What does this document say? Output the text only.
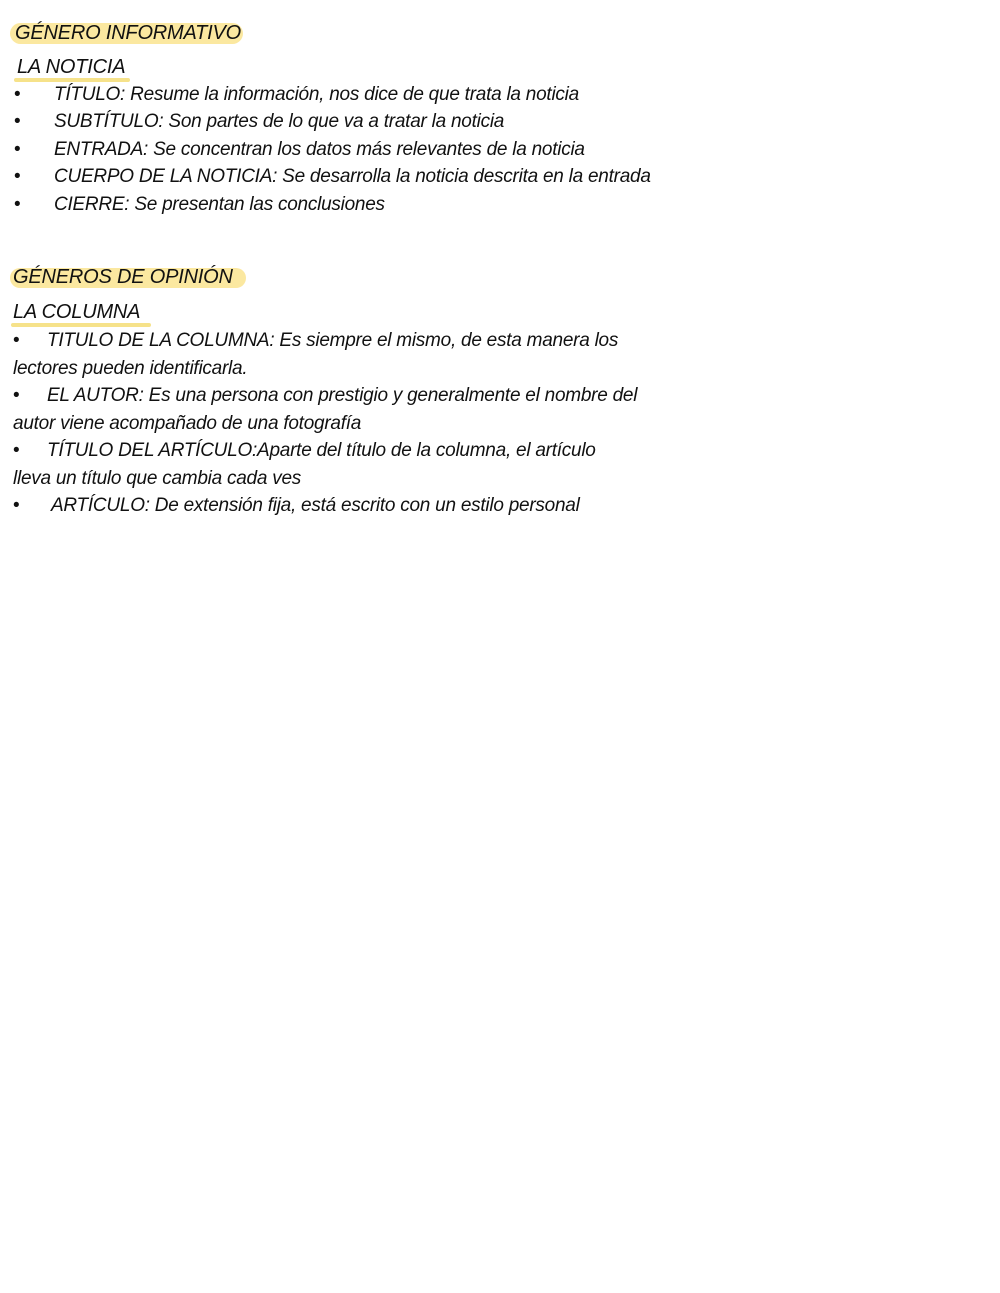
GÉNERO INFORMATIVO
LA NOTICIA
• TÍTULO: Resume la información, nos dice de que trata la noticia
• SUBTÍTULO: Son partes de lo que va a tratar la noticia
• ENTRADA: Se concentran los datos más relevantes de la noticia
• CUERPO DE LA NOTICIA: Se desarrolla la noticia descrita en la entrada
• CIERRE: Se presentan las conclusiones
GÉNEROS DE OPINIÓN
LA COLUMNA
• TITULO DE LA COLUMNA: Es siempre el mismo, de esta manera los
lectores pueden identificarla.
• EL AUTOR: Es una persona con prestigio y generalmente el nombre del
autor viene acompañado de una fotografía
• TÍTULO DEL ARTÍCULO:Aparte del título de la columna, el artículo
lleva un título que cambia cada ves
• ARTÍCULO: De extensión fija, está escrito con un estilo personal
